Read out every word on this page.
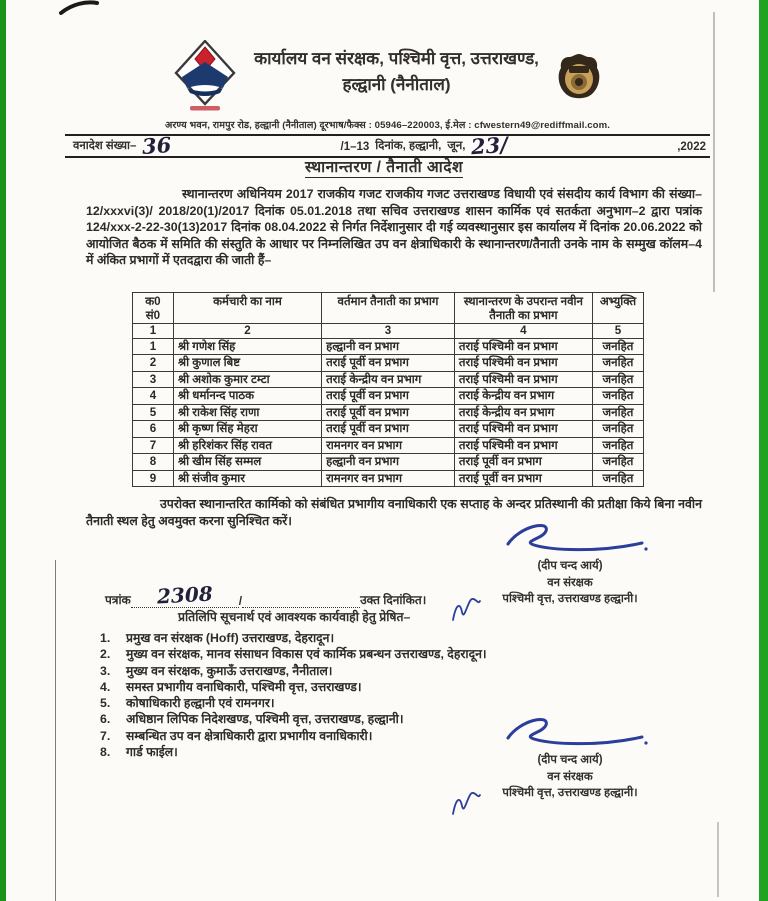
कार्यालय वन संरक्षक, पश्चिमी वृत्त, उत्तराखण्ड,
हल्द्वानी (नैनीताल)
अरण्य भवन, रामपुर रोड, हल्द्वानी (नैनीताल) दूरभाष/फैक्स : 05946–220003, ई.मेल : cfwestern49@rediffmail.com.
वनादेश संख्या– 36	/1–13 दिनांक, हल्द्वानी, जून, 23/	,2022
स्थानान्तरण / तैनाती आदेश
स्थानान्तरण अधिनियम 2017 राजकीय गजट राजकीय गजट उत्तराखण्ड विधायी एवं संसदीय कार्य विभाग की संख्या–12/xxxvi(3)/ 2018/20(1)/2017 दिनांक 05.01.2018 तथा सचिव उत्तराखण्ड शासन कार्मिक एवं सतर्कता अनुभाग–2 द्वारा पत्रांक 124/xxx-2-22-30(13)2017 दिनांक 08.04.2022 से निर्गत निर्देशानुसार दी गई व्यवस्थानुसार इस कार्यालय में दिनांक 20.06.2022 को आयोजित बैठक में समिति की संस्तुति के आधार पर निम्नलिखित उप वन क्षेत्राधिकारी के स्थानान्तरण/तैनाती उनके नाम के सम्मुख कॉलम–4 में अंकित प्रभागों में एतदद्वारा की जाती हैं–
क0 सं0	कर्मचारी का नाम	वर्तमान तैनाती का प्रभाग	स्थानान्तरण के उपरान्त नवीन तैनाती का प्रभाग	अभ्युक्ति
1	2	3	4	5
1	श्री गणेश सिंह	हल्द्वानी वन प्रभाग	तराई पश्चिमी वन प्रभाग	जनहित
2	श्री कुणाल बिष्ट	तराई पूर्वी वन प्रभाग	तराई पश्चिमी वन प्रभाग	जनहित
3	श्री अशोक कुमार टम्टा	तराई केन्द्रीय वन प्रभाग	तराई पश्चिमी वन प्रभाग	जनहित
4	श्री धर्मानन्द पाठक	तराई पूर्वी वन प्रभाग	तराई केन्द्रीय वन प्रभाग	जनहित
5	श्री राकेश सिंह राणा	तराई पूर्वी वन प्रभाग	तराई केन्द्रीय वन प्रभाग	जनहित
6	श्री कृष्ण सिंह मेहरा	तराई पूर्वी वन प्रभाग	तराई पश्चिमी वन प्रभाग	जनहित
7	श्री हरिशंकर सिंह रावत	रामनगर वन प्रभाग	तराई पश्चिमी वन प्रभाग	जनहित
8	श्री खीम सिंह सम्मल	हल्द्वानी वन प्रभाग	तराई पूर्वी वन प्रभाग	जनहित
9	श्री संजीव कुमार	रामनगर वन प्रभाग	तराई पूर्वी वन प्रभाग	जनहित
उपरोक्त स्थानान्तरित कार्मिको को संबंधित प्रभागीय वनाधिकारी एक सप्ताह के अन्दर प्रतिस्थानी की प्रतीक्षा किये बिना नवीन तैनाती स्थल हेतु अवमुक्त करना सुनिश्चित करें।
(दीप चन्द आर्य)
वन संरक्षक
पश्चिमी वृत्त, उत्तराखण्ड हल्द्वानी।
पत्रांक	2308	/	उक्त दिनांकित।
प्रतिलिपि सूचनार्थ एवं आवश्यक कार्यवाही हेतु प्रेषित–
1.	प्रमुख वन संरक्षक (Hoff) उत्तराखण्ड, देहरादून।
2.	मुख्य वन संरक्षक, मानव संसाधन विकास एवं कार्मिक प्रबन्धन उत्तराखण्ड, देहरादून।
3.	मुख्य वन संरक्षक, कुमाऊँ उत्तराखण्ड, नैनीताल।
4.	समस्त प्रभागीय वनाधिकारी, पश्चिमी वृत्त, उत्तराखण्ड।
5.	कोषाधिकारी हल्द्वानी एवं रामनगर।
6.	अधिष्ठान लिपिक निदेशखण्ड, पश्चिमी वृत्त, उत्तराखण्ड, हल्द्वानी।
7.	सम्बन्धित उप वन क्षेत्राधिकारी द्वारा प्रभागीय वनाधिकारी।
8.	गार्ड फाईल।
(दीप चन्द आर्य)
वन संरक्षक
पश्चिमी वृत्त, उत्तराखण्ड हल्द्वानी।
